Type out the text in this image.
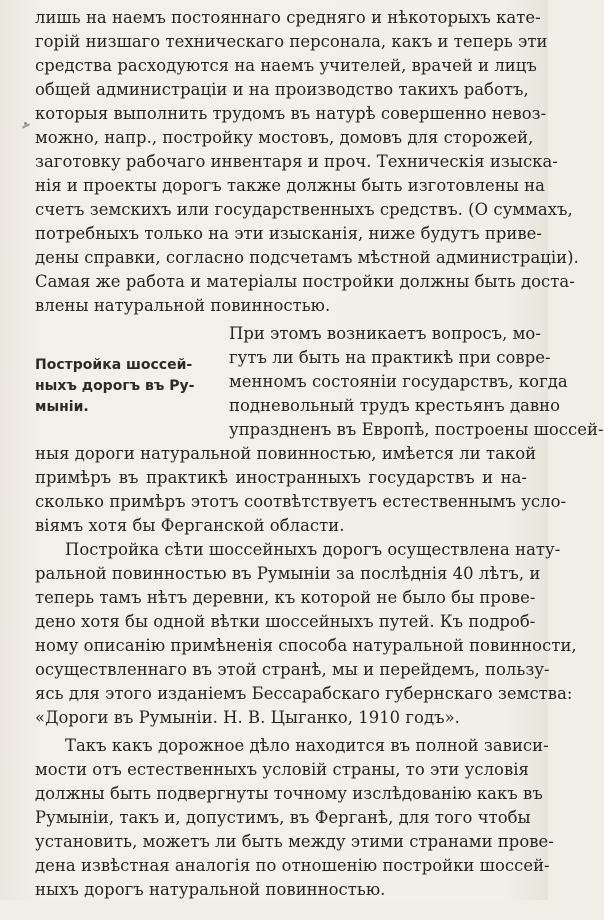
лишь на наемъ постояннаго средняго и нѣкоторыхъ кате-
горій низшаго техническаго персонала, какъ и теперь эти
средства расходуются на наемъ учителей, врачей и лицъ
общей администраціи и на производство такихъ работъ,
которыя выполнить трудомъ въ натурѣ совершенно невоз-
можно, напр., постройку мостовъ, домовъ для сторожей,
заготовку рабочаго инвентаря и проч. Техническія изыска-
нія и проекты дорогъ также должны быть изготовлены на
счетъ земскихъ или государственныхъ средствъ. (О суммахъ,
потребныхъ только на эти изысканія, ниже будутъ приве-
дены справки, согласно подсчетамъ мѣстной администраціи).
Самая же работа и матеріалы постройки должны быть доста-
влены натуральной повинностью.
При этомъ возникаетъ вопросъ, мо-
гутъ ли быть на практикѣ при совре-
менномъ состояніи государствъ, когда
подневольный трудъ крестьянъ давно
упраздненъ въ Европѣ, построены шоссей-
Постройка шоссей-
ныхъ дорогъ въ Ру-
мыніи.
ныя дороги натуральной повинностью, имѣется ли такой
примѣръ въ практикѣ иностранныхъ государствъ и на-
сколько примѣръ этотъ соотвѣтствуетъ естественнымъ усло-
віямъ хотя бы Ферганской области.
Постройка сѣти шоссейныхъ дорогъ осуществлена нату-
ральной повинностью въ Румыніи за послѣднія 40 лѣтъ, и
теперь тамъ нѣтъ деревни, къ которой не было бы прове-
дено хотя бы одной вѣтки шоссейныхъ путей. Къ подроб-
ному описанію примѣненія способа натуральной повинности,
осуществленнаго въ этой странѣ, мы и перейдемъ, пользу-
ясь для этого изданіемъ Бессарабскаго губернскаго земства:
«Дороги въ Румыніи. Н. В. Цыганко, 1910 годъ».
Такъ какъ дорожное дѣло находится въ полной зависи-
мости отъ естественныхъ условій страны, то эти условія
должны быть подвергнуты точному изслѣдованію какъ въ
Румыніи, такъ и, допустимъ, въ Ферганѣ, для того чтобы
установить, можетъ ли быть между этими странами прове-
дена извѣстная аналогія по отношенію постройки шоссей-
ныхъ дорогъ натуральной повинностью.
